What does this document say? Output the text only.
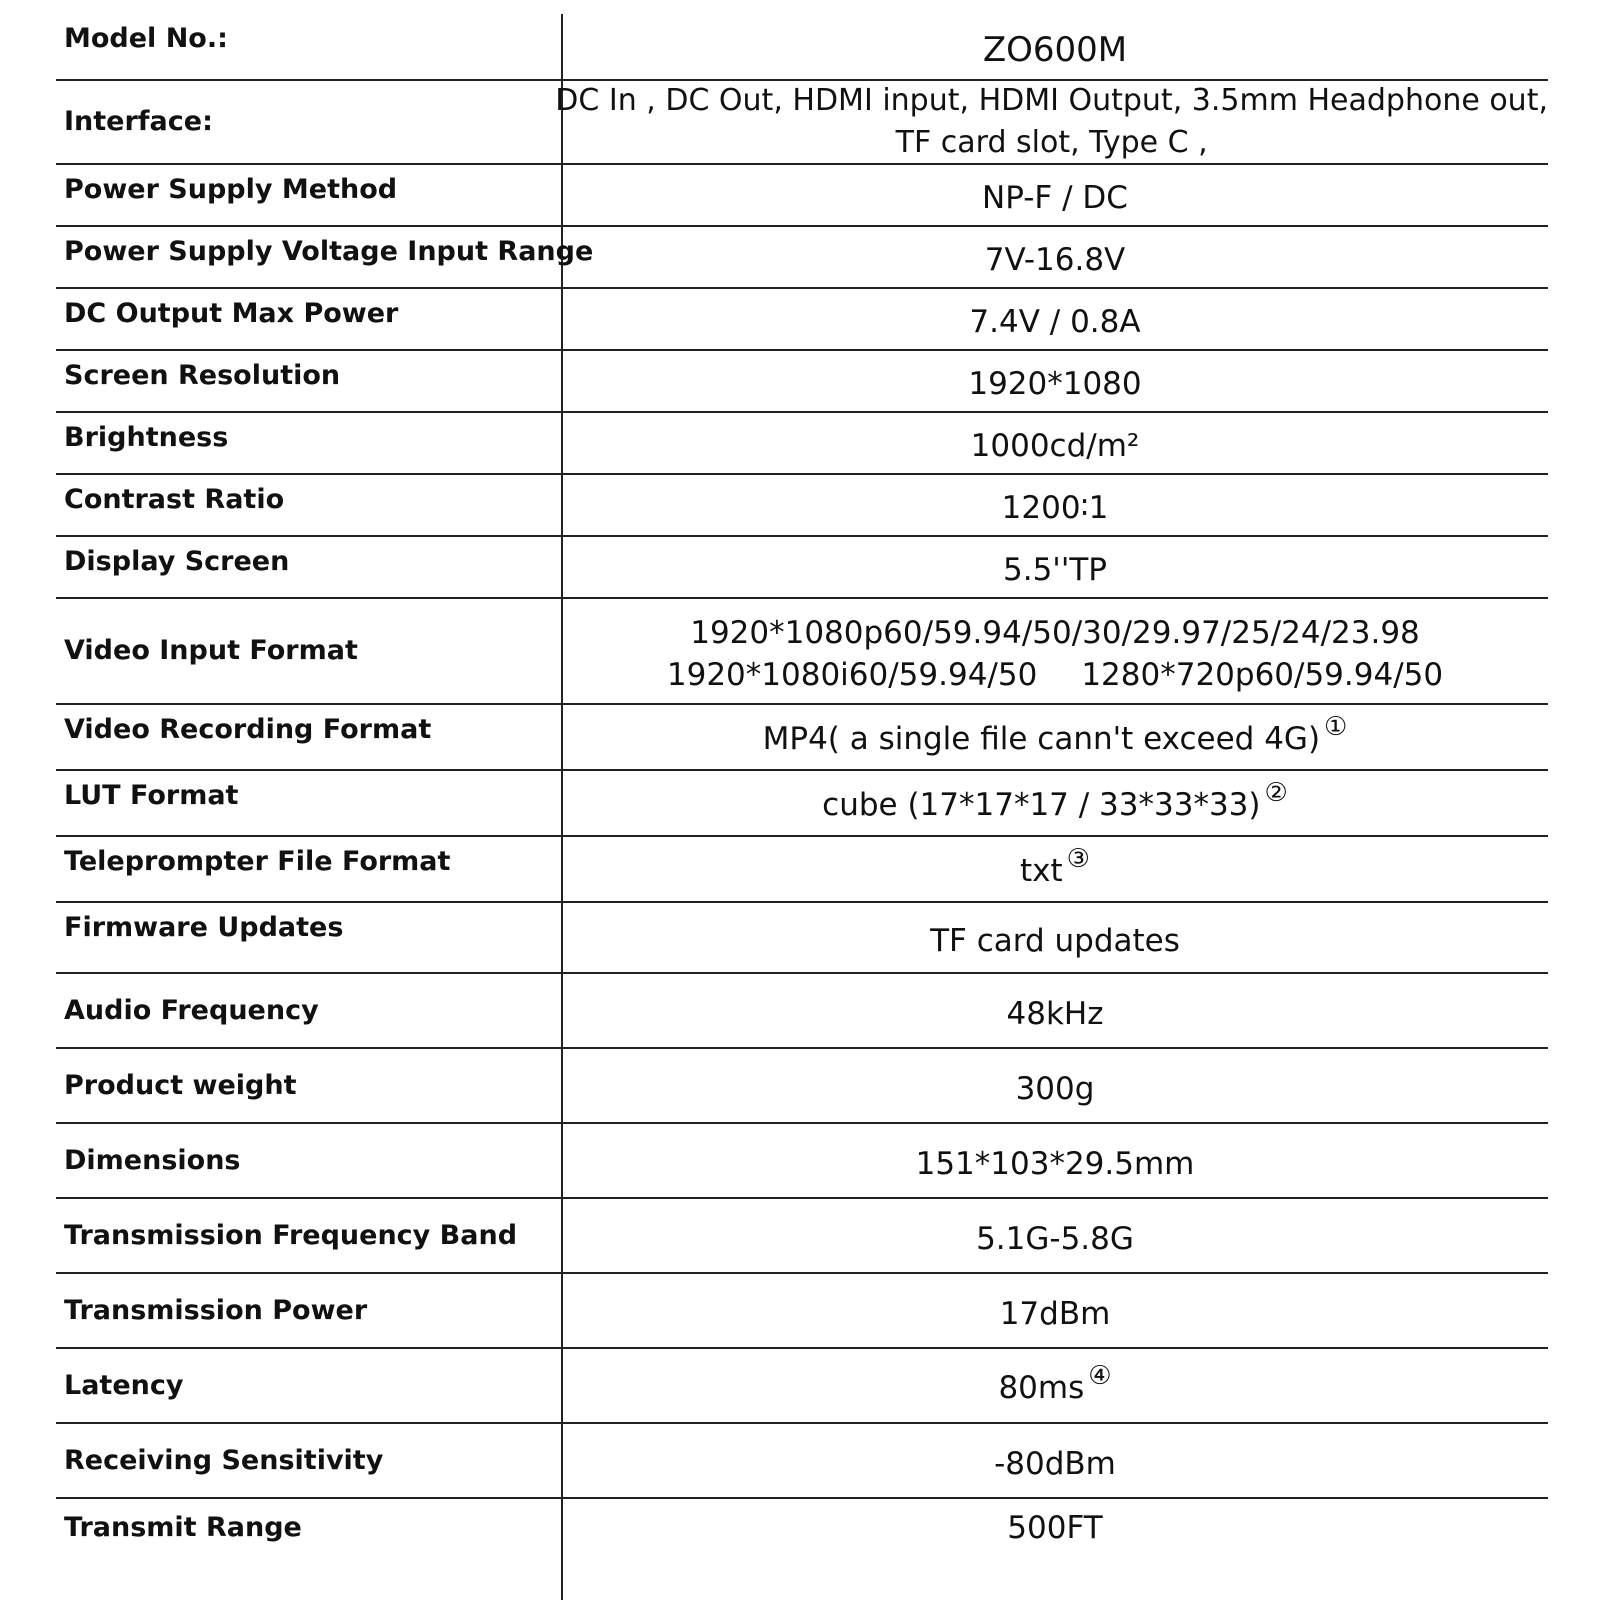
Model No.:	ZO600M
Interface:
DC In , DC Out, HDMI input, HDMI Output, 3.5mm Headphone out,
TF card slot, Type C ,
Power Supply Method	NP-F / DC
Power Supply Voltage Input Range	7V-16.8V
DC Output Max Power	7.4V / 0.8A
Screen Resolution	1920*1080
Brightness	1000cd/m²
Contrast Ratio	1200∶1
Display Screen	5.5''TP
Video Input Format	1920*1080p60/59.94/50/30/29.97/25/24/23.98
1920*1080i60/59.94/50 1280*720p60/59.94/50
Video Recording Format	MP4( a single file cann't exceed 4G) ①
LUT Format	cube (17*17*17 / 33*33*33) ②
Teleprompter File Format	txt ③
Firmware Updates	TF card updates
Audio Frequency	48kHz
Product weight	300g
Dimensions	151*103*29.5mm
Transmission Frequency Band	5.1G-5.8G
Transmission Power	17dBm
Latency	80ms ④
Receiving Sensitivity	-80dBm
Transmit Range	500FT
